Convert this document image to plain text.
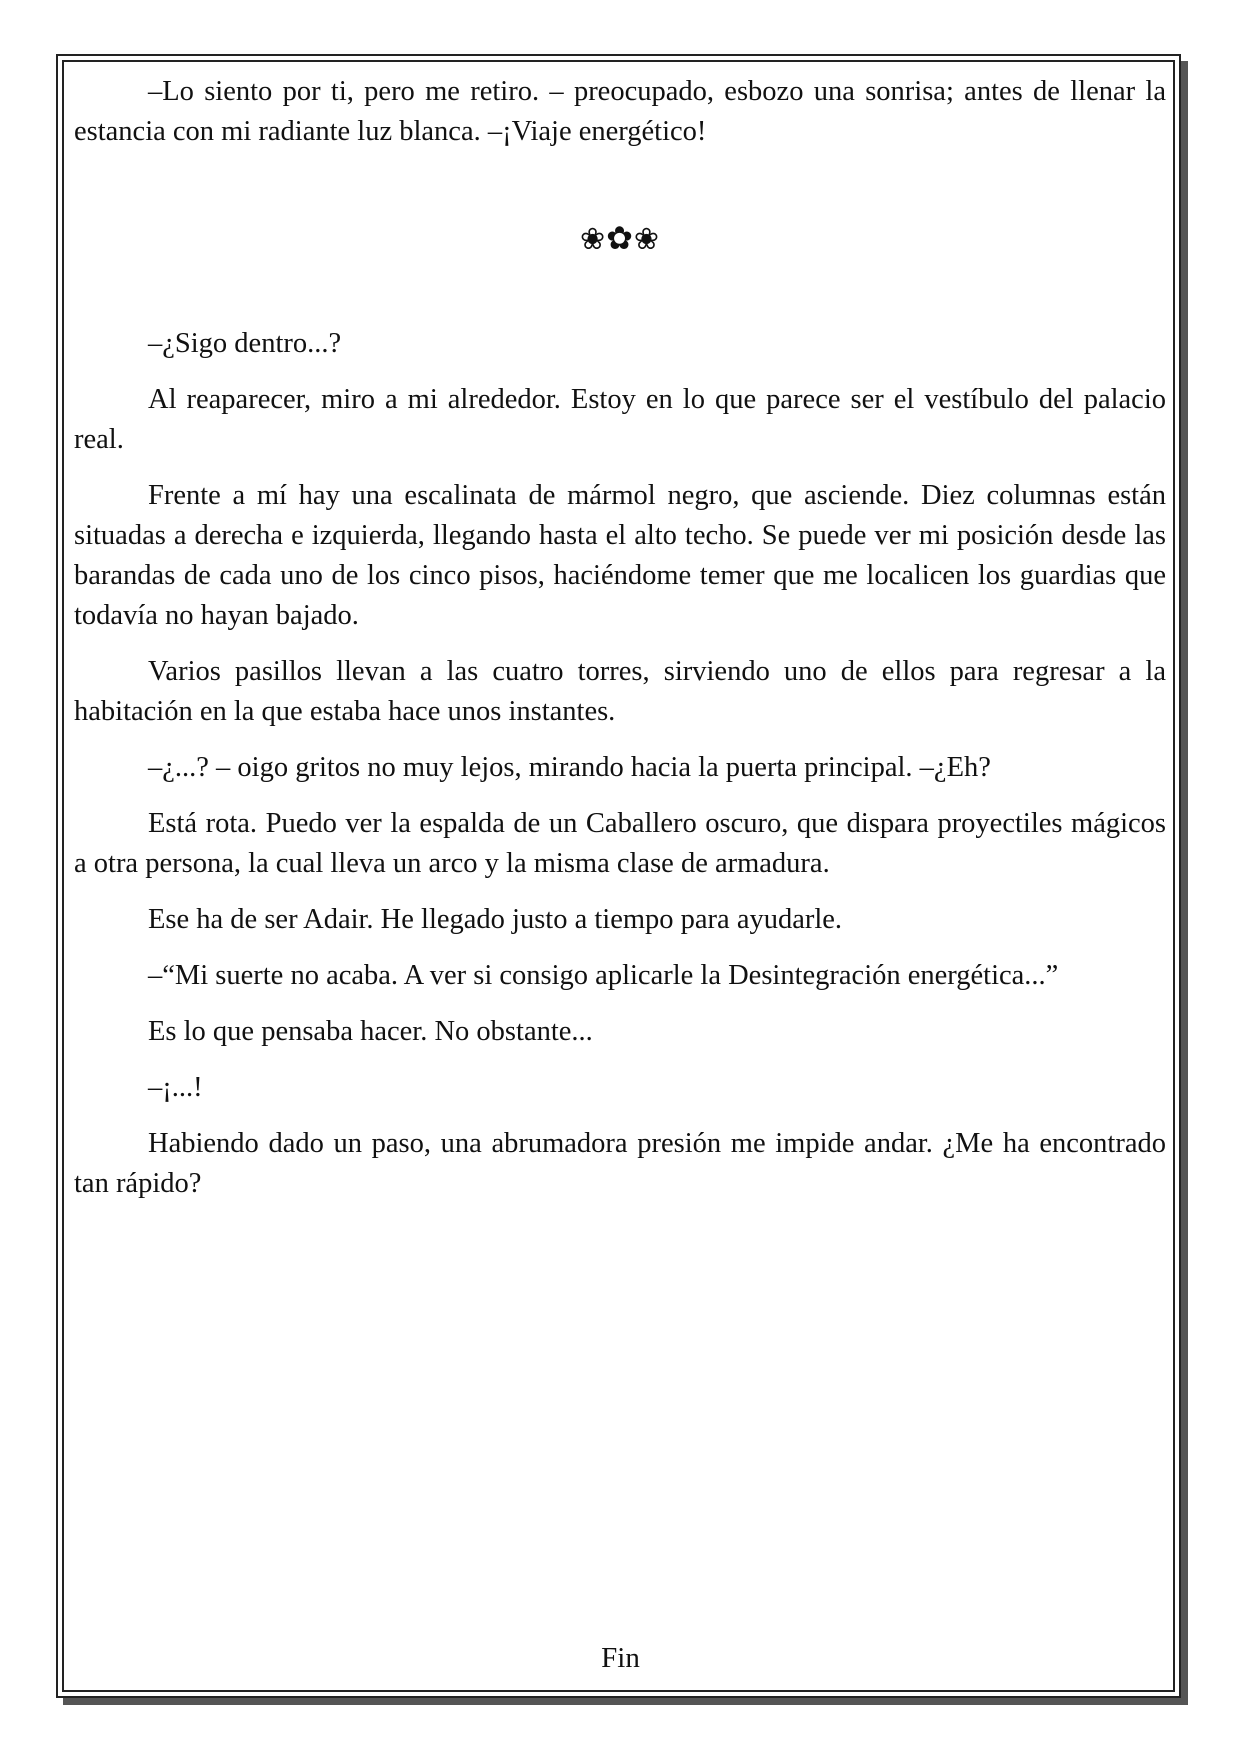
–Lo siento por ti, pero me retiro. – preocupado, esbozo una sonrisa; antes de llenar la estancia con mi radiante luz blanca. –¡Viaje energético!

❀✿❀

–¿Sigo dentro...?

Al reaparecer, miro a mi alrededor. Estoy en lo que parece ser el vestíbulo del palacio real.

Frente a mí hay una escalinata de mármol negro, que asciende. Diez columnas están situadas a derecha e izquierda, llegando hasta el alto techo. Se puede ver mi posición desde las barandas de cada uno de los cinco pisos, haciéndome temer que me localicen los guardias que todavía no hayan bajado.

Varios pasillos llevan a las cuatro torres, sirviendo uno de ellos para regresar a la habitación en la que estaba hace unos instantes.

–¿...? – oigo gritos no muy lejos, mirando hacia la puerta principal. –¿Eh?

Está rota. Puedo ver la espalda de un Caballero oscuro, que dispara proyectiles mágicos a otra persona, la cual lleva un arco y la misma clase de armadura.

Ese ha de ser Adair. He llegado justo a tiempo para ayudarle.

–“Mi suerte no acaba. A ver si consigo aplicarle la Desintegración energética...”

Es lo que pensaba hacer. No obstante...

–¡...!

Habiendo dado un paso, una abrumadora presión me impide andar. ¿Me ha encontrado tan rápido?

Fin
